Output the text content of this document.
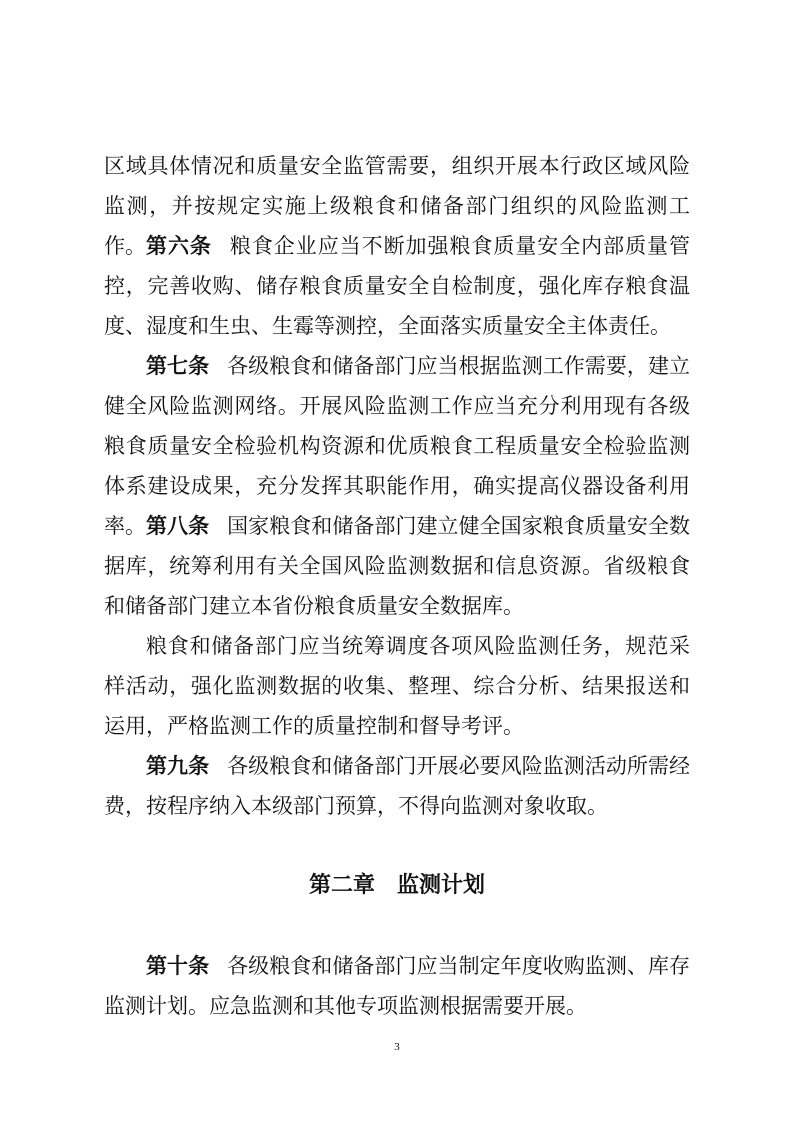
区域具体情况和质量安全监管需要，组织开展本行政区域风险监测，并按规定实施上级粮食和储备部门组织的风险监测工作。 第六条 粮食企业应当不断加强粮食质量安全内部质量管控，完善收购、储存粮食质量安全自检制度，强化库存粮食温度、湿度和生虫、生霉等测控，全面落实质量安全主体责任。

第七条 各级粮食和储备部门应当根据监测工作需要，建立健全风险监测网络。开展风险监测工作应当充分利用现有各级粮食质量安全检验机构资源和优质粮食工程质量安全检验监测体系建设成果，充分发挥其职能作用，确实提高仪器设备利用率。 第八条 国家粮食和储备部门建立健全国家粮食质量安全数据库，统筹利用有关全国风险监测数据和信息资源。省级粮食和储备部门建立本省份粮食质量安全数据库。

粮食和储备部门应当统筹调度各项风险监测任务，规范采样活动，强化监测数据的收集、整理、综合分析、结果报送和运用，严格监测工作的质量控制和督导考评。

第九条 各级粮食和储备部门开展必要风险监测活动所需经费，按程序纳入本级部门预算，不得向监测对象收取。

第二章 监测计划

第十条 各级粮食和储备部门应当制定年度收购监测、库存监测计划。应急监测和其他专项监测根据需要开展。

3
